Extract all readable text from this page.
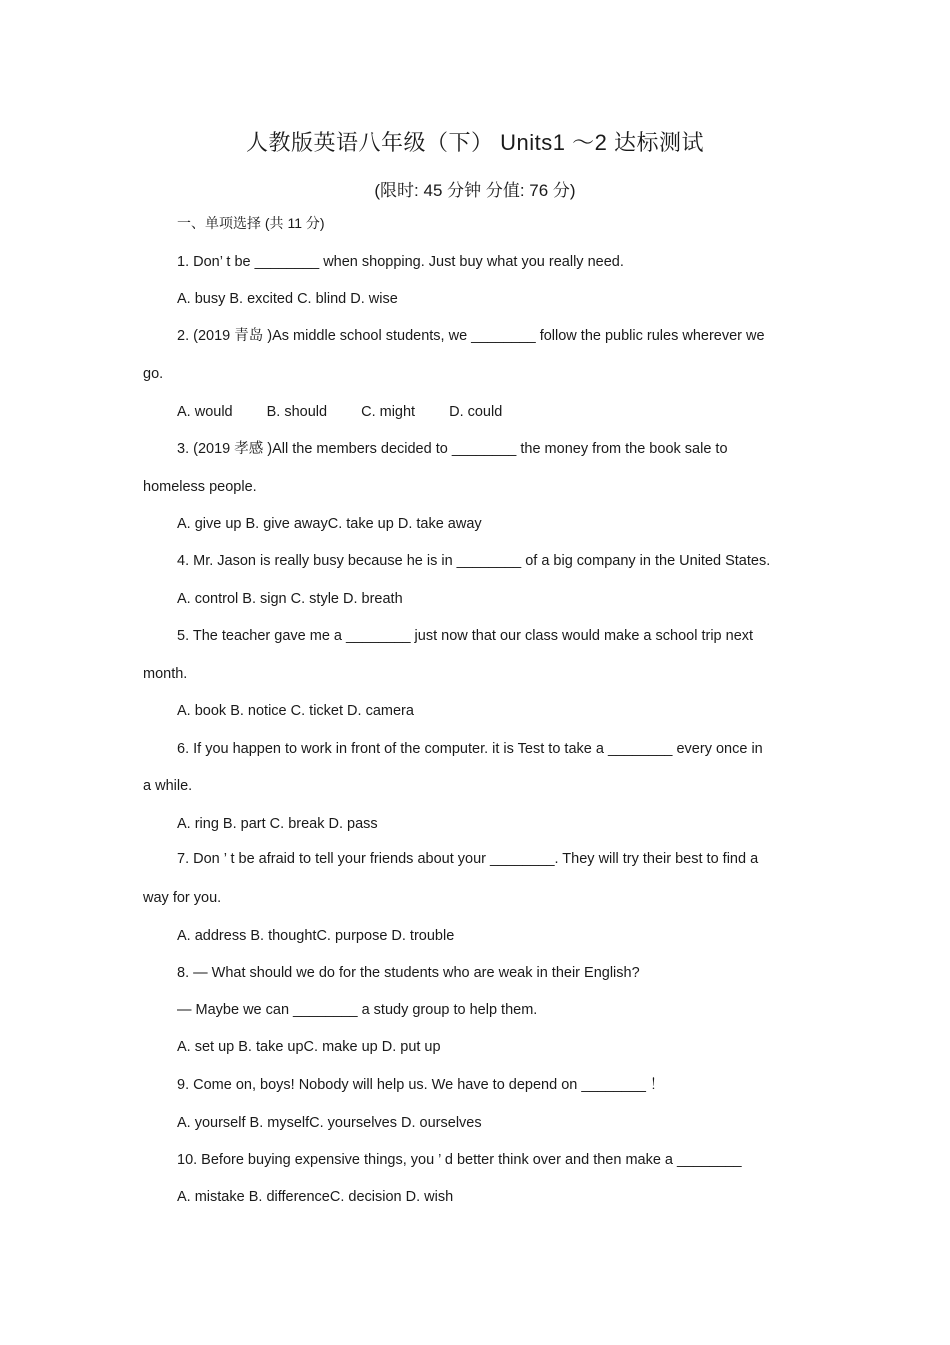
人教版英语八年级（下） Units1 ～2 达标测试
(限时: 45 分钟 分值: 76 分)
一、单项选择 (共 11 分)
1. Don’ t be ________ when shopping. Just buy what you really need.
A. busy B. excited C. blind D. wise
2. (2019 青岛 )As middle school students, we ________ follow the public rules wherever we
go.
A. would B. should C. might D. could
3. (2019 孝感 )All the members decided to ________ the money from the book sale to
homeless people.
A. give up B. give awayC. take up D. take away
4. Mr. Jason is really busy because he is in ________ of a big company in the United States.
A. control B. sign C. style D. breath
5. The teacher gave me a ________ just now that our class would make a school trip next
month.
A. book B. notice C. ticket D. camera
6. If you happen to work in front of the computer. it is Test to take a ________ every once in
a while.
A. ring B. part C. break D. pass
7. Don ’ t be afraid to tell your friends about your ________. They will try their best to find a
way for you.
A. address B. thoughtC. purpose D. trouble
8. — What should we do for the students who are weak in their English?
— Maybe we can ________ a study group to help them.
A. set up B. take upC. make up D. put up
9. Come on, boys! Nobody will help us. We have to depend on ________ ！
A. yourself B. myselfC. yourselves D. ourselves
10. Before buying expensive things, you ’ d better think over and then make a ________
A. mistake B. differenceC. decision D. wish
